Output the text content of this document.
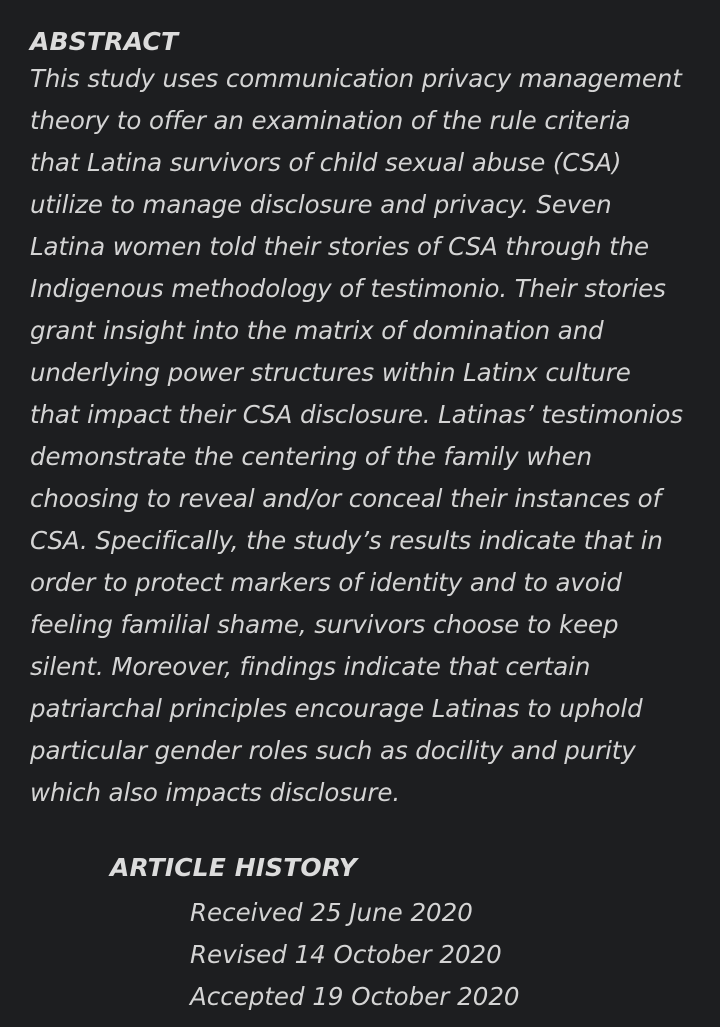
ABSTRACT
This study uses communication privacy management
theory to offer an examination of the rule criteria
that Latina survivors of child sexual abuse (CSA)
utilize to manage disclosure and privacy. Seven
Latina women told their stories of CSA through the
Indigenous methodology of testimonio. Their stories
grant insight into the matrix of domination and
underlying power structures within Latinx culture
that impact their CSA disclosure. Latinas’ testimonios
demonstrate the centering of the family when
choosing to reveal and/or conceal their instances of
CSA. Specifically, the study’s results indicate that in
order to protect markers of identity and to avoid
feeling familial shame, survivors choose to keep
silent. Moreover, findings indicate that certain
patriarchal principles encourage Latinas to uphold
particular gender roles such as docility and purity
which also impacts disclosure.
ARTICLE HISTORY
Received 25 June 2020
Revised 14 October 2020
Accepted 19 October 2020
